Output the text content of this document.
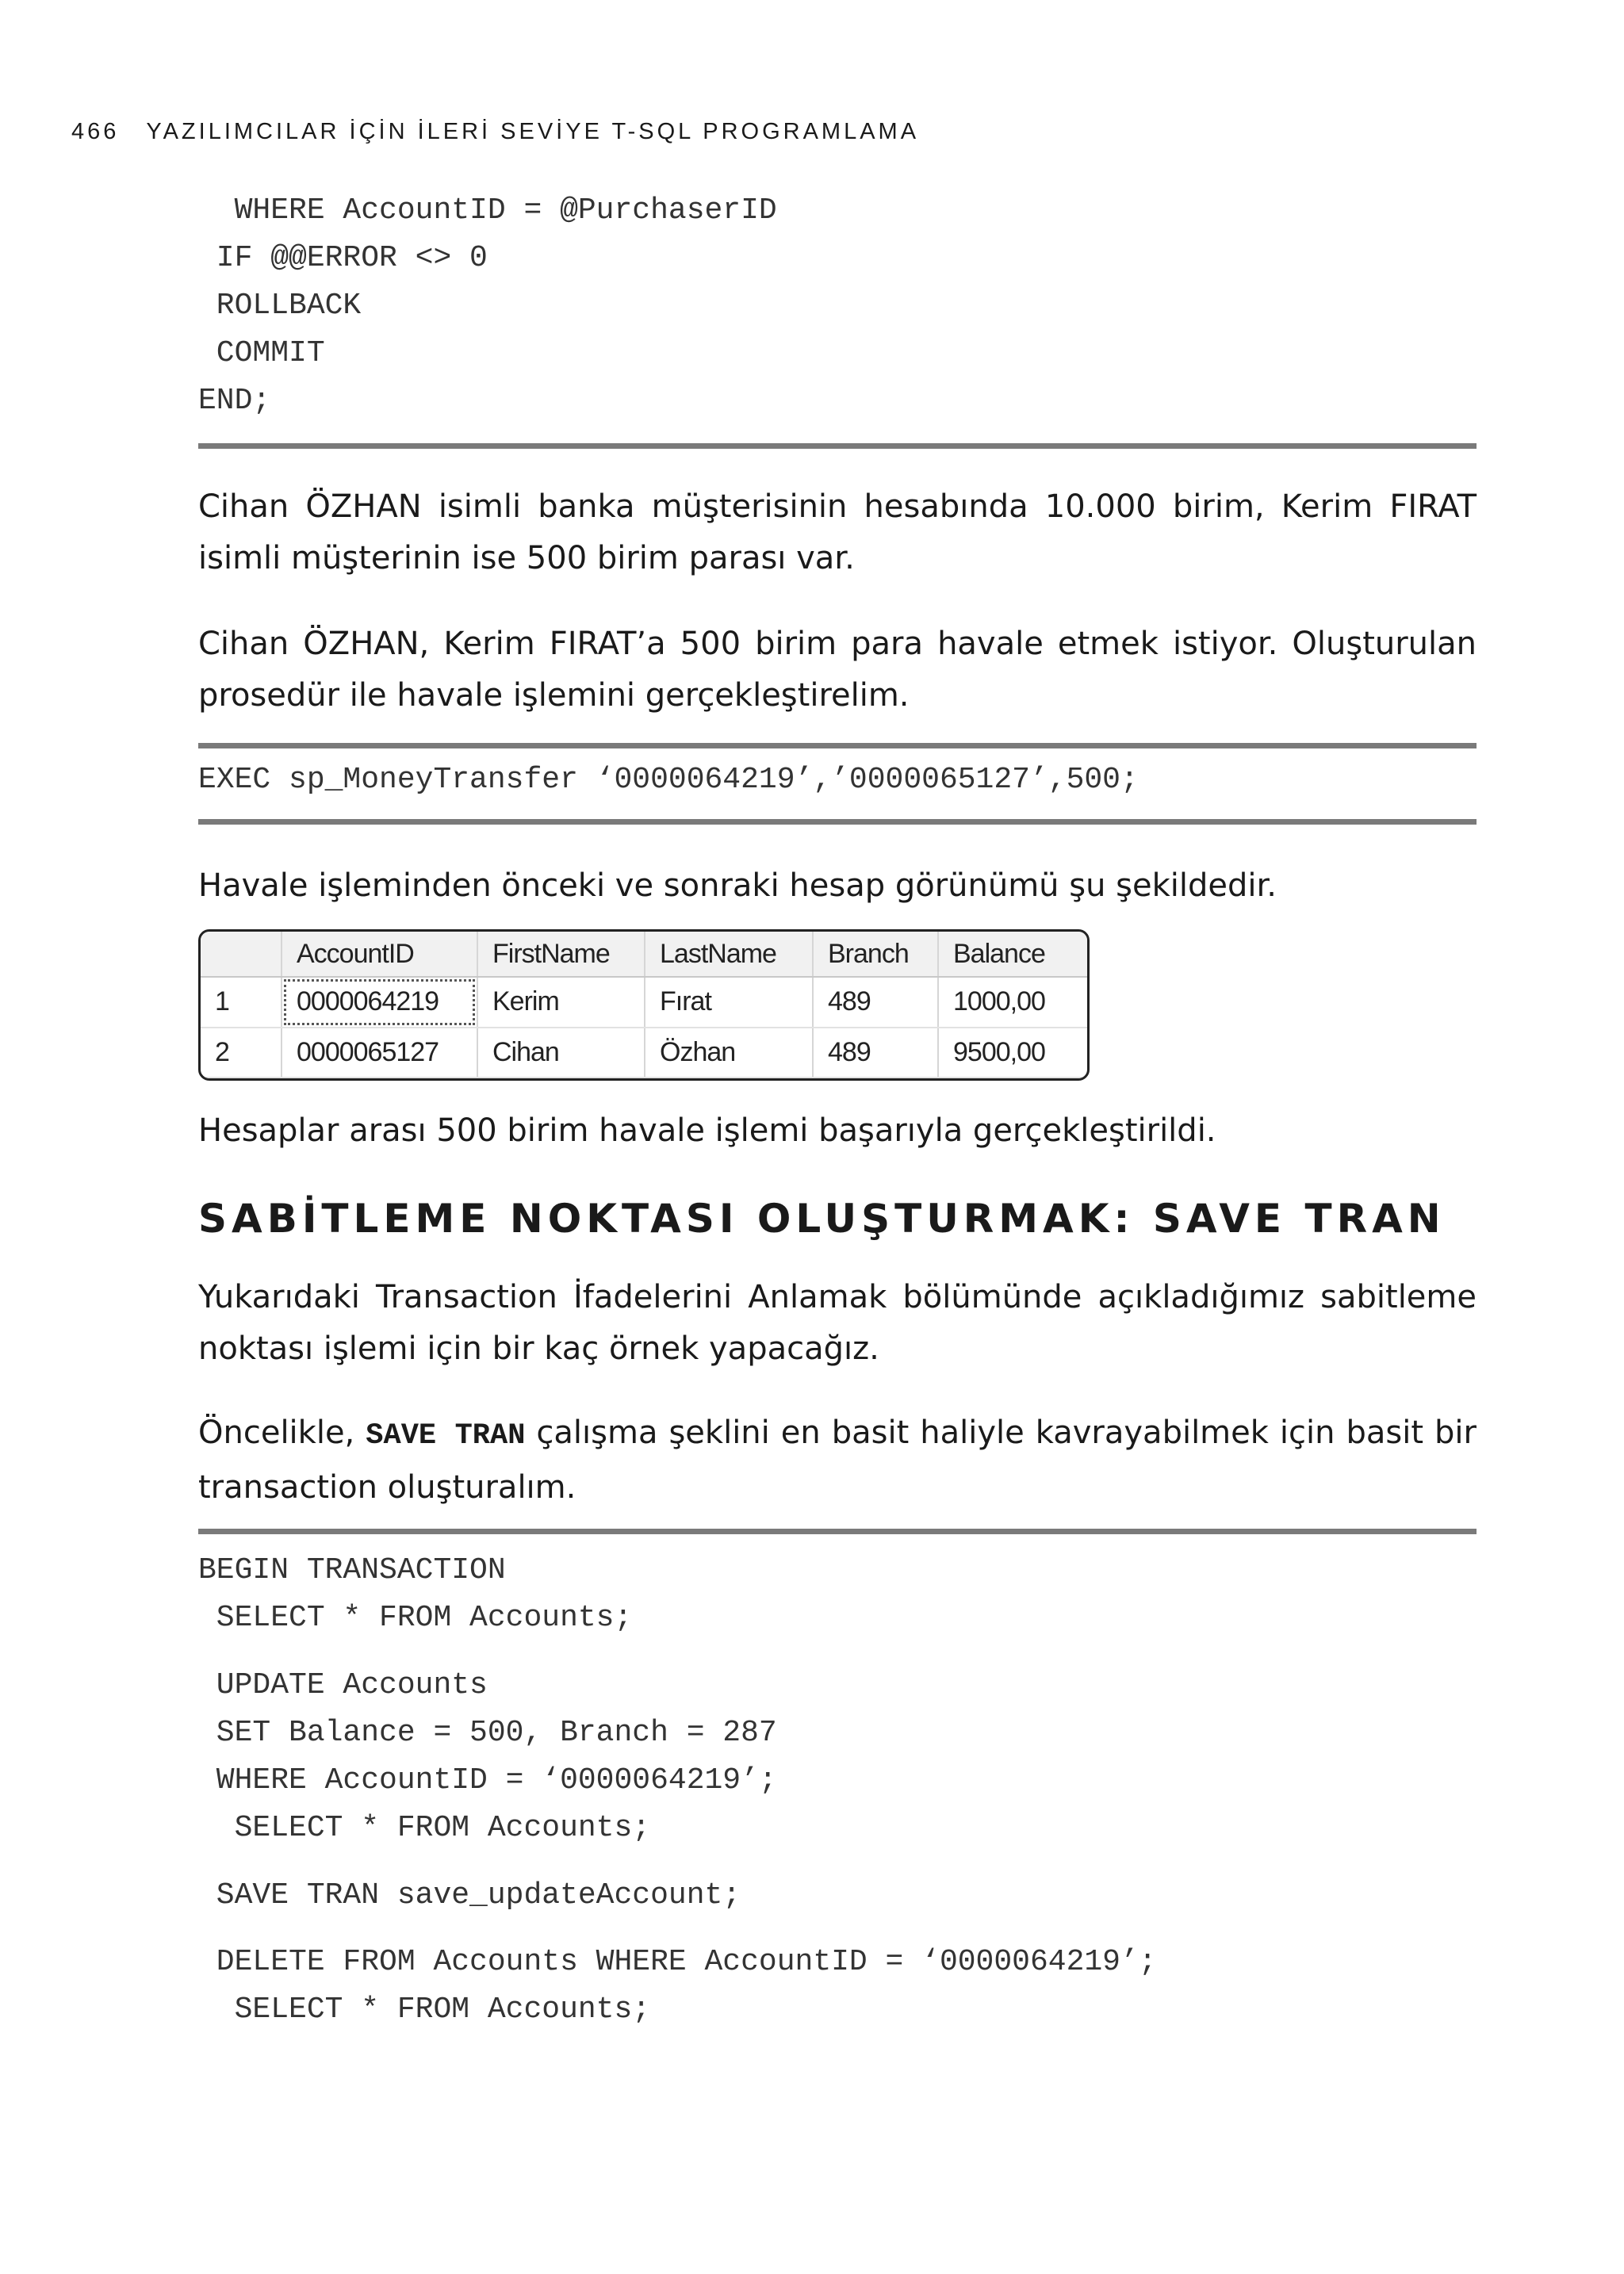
466 YAZILIMCILAR İÇİN İLERİ SEVİYE T-SQL PROGRAMLAMA
WHERE AccountID = @PurchaserID
IF @@ERROR <> 0
ROLLBACK
COMMIT
END;

Cihan ÖZHAN isimli banka müşterisinin hesabında 10.000 birim, Kerim FIRAT isimli müşterinin ise 500 birim parası var.

Cihan ÖZHAN, Kerim FIRAT’a 500 birim para havale etmek istiyor. Oluşturulan prosedür ile havale işlemini gerçekleştirelim.

EXEC sp_MoneyTransfer ‘0000064219’,’0000065127’,500;

Havale işleminden önceki ve sonraki hesap görünümü şu şekildedir.

	AccountID	FirstName	LastName	Branch	Balance
1	0000064219	Kerim	Fırat	489	1000,00
2	0000065127	Cihan	Özhan	489	9500,00

Hesaplar arası 500 birim havale işlemi başarıyla gerçekleştirildi.

SABİTLEME NOKTASI OLUŞTURMAK: SAVE TRAN

Yukarıdaki Transaction İfadelerini Anlamak bölümünde açıkladığımız sabitleme noktası işlemi için bir kaç örnek yapacağız.

Öncelikle, SAVE TRAN çalışma şeklini en basit haliyle kavrayabilmek için basit bir transaction oluşturalım.

BEGIN TRANSACTION
SELECT * FROM Accounts;
UPDATE Accounts
SET Balance = 500, Branch = 287
WHERE AccountID = ‘0000064219’;
SELECT * FROM Accounts;
SAVE TRAN save_updateAccount;
DELETE FROM Accounts WHERE AccountID = ‘0000064219’;
SELECT * FROM Accounts;
